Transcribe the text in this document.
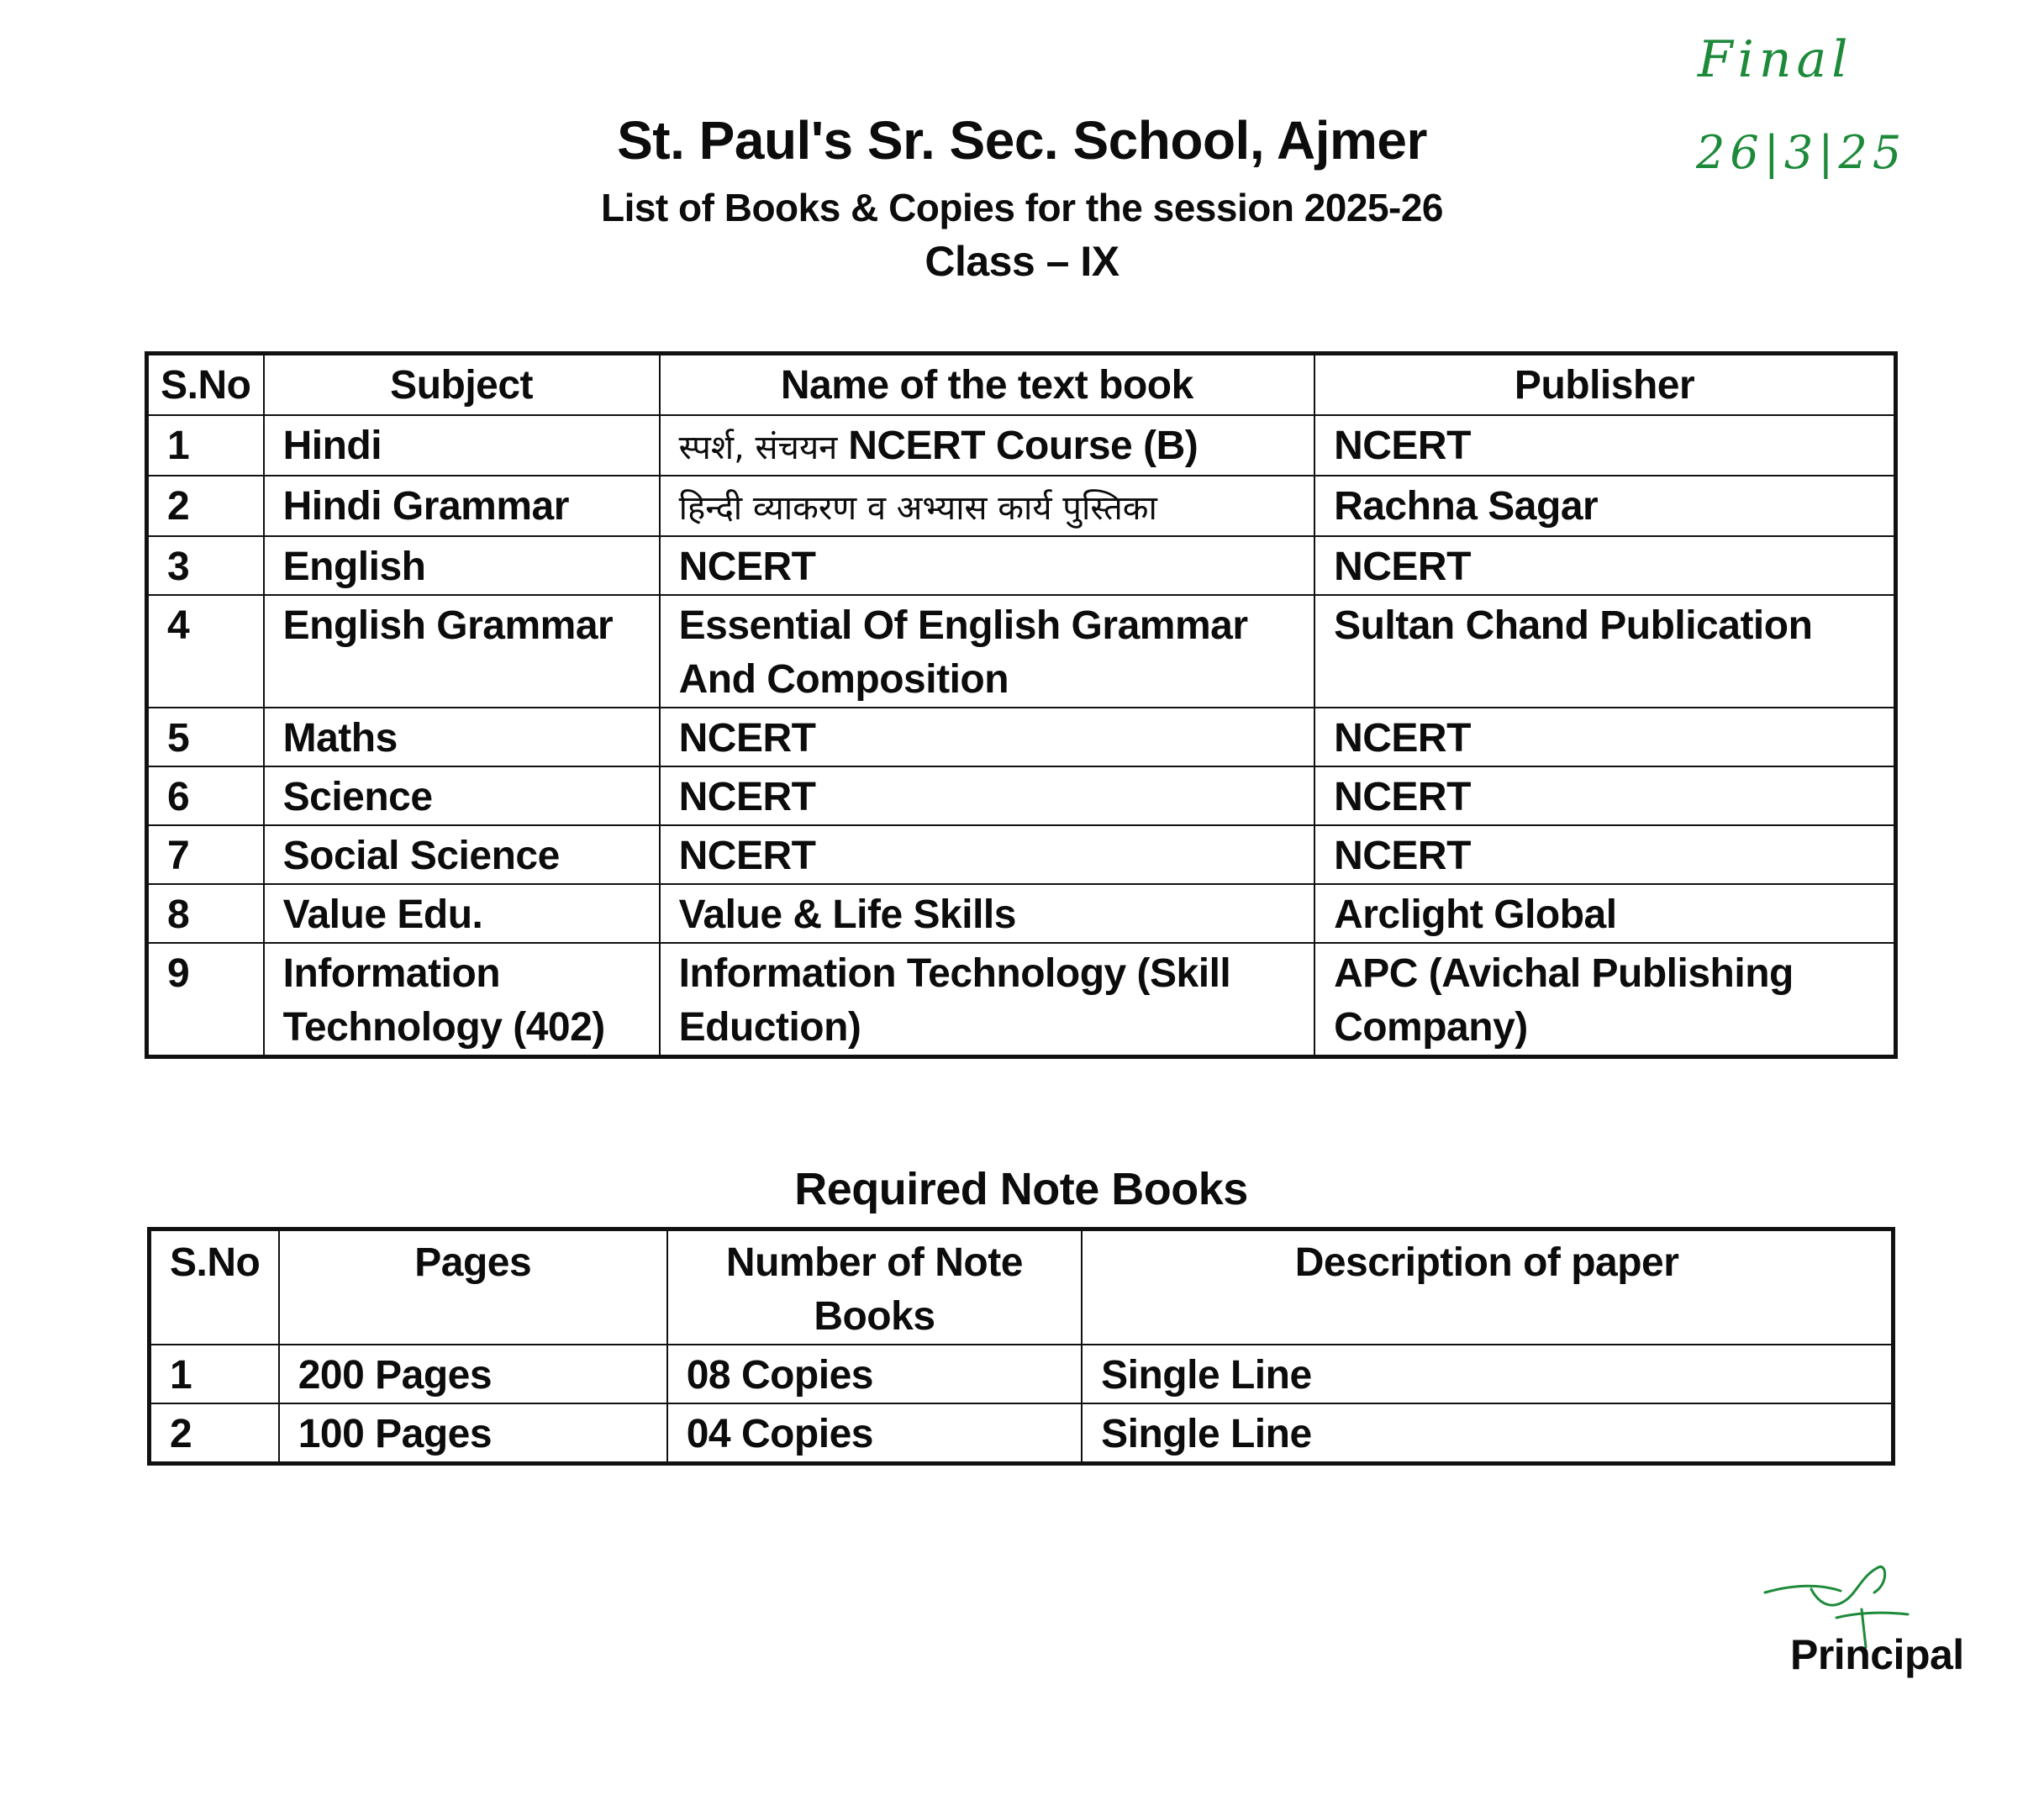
Final
26|3|25
St. Paul's Sr. Sec. School, Ajmer
List of Books & Copies for the session 2025-26
Class – IX
S.No	Subject	Name of the text book	Publisher
1	Hindi	स्पर्श, संचयन NCERT Course (B)	NCERT
2	Hindi Grammar	हिन्दी व्याकरण व अभ्यास कार्य पुस्तिका	Rachna Sagar
3	English	NCERT	NCERT
4	English Grammar	Essential Of English Grammar And Composition	Sultan Chand Publication
5	Maths	NCERT	NCERT
6	Science	NCERT	NCERT
7	Social Science	NCERT	NCERT
8	Value Edu.	Value & Life Skills	Arclight Global
9	Information Technology (402)	Information Technology (Skill Eduction)	APC (Avichal Publishing Company)
Required Note Books
S.No	Pages	Number of Note Books	Description of paper
1	200 Pages	08 Copies	Single Line
2	100 Pages	04 Copies	Single Line
Principal
